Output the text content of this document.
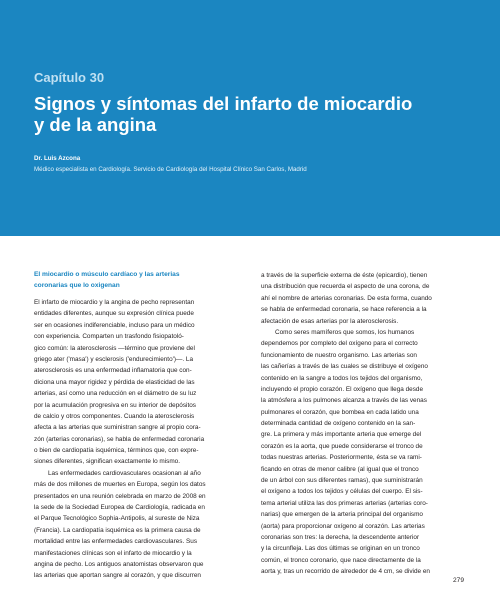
Capítulo 30
Signos y síntomas del infarto de miocardio
y de la angina
Dr. Luis Azcona
Médico especialista en Cardiología. Servicio de Cardiología del Hospital Clínico San Carlos, Madrid
El miocardio o músculo cardíaco y las arterias
coronarias que lo oxigenan
El infarto de miocardio y la angina de pecho representan
entidades diferentes, aunque su expresión clínica puede
ser en ocasiones indiferenciable, incluso para un médico
con experiencia. Comparten un trasfondo fisiopatoló-
gico común: la aterosclerosis —término que proviene del
griego ater ('masa') y esclerosis ('endurecimiento')—. La
aterosclerosis es una enfermedad inflamatoria que con-
diciona una mayor rigidez y pérdida de elasticidad de las
arterias, así como una reducción en el diámetro de su luz
por la acumulación progresiva en su interior de depósitos
de calcio y otros componentes. Cuando la aterosclerosis
afecta a las arterias que suministran sangre al propio cora-
zón (arterias coronarias), se habla de enfermedad coronaria
o bien de cardiopatía isquémica, términos que, con expre-
siones diferentes, significan exactamente lo mismo.
Las enfermedades cardiovasculares ocasionan al año
más de dos millones de muertes en Europa, según los datos
presentados en una reunión celebrada en marzo de 2008 en
la sede de la Sociedad Europea de Cardiología, radicada en
el Parque Tecnológico Sophia-Antipolis, al sureste de Niza
(Francia). La cardiopatía isquémica es la primera causa de
mortalidad entre las enfermedades cardiovasculares. Sus
manifestaciones clínicas son el infarto de miocardio y la
angina de pecho. Los antiguos anatomistas observaron que
las arterias que aportan sangre al corazón, y que discurren
a través de la superficie externa de éste (epicardio), tienen
una distribución que recuerda el aspecto de una corona, de
ahí el nombre de arterias coronarias. De esta forma, cuando
se habla de enfermedad coronaria, se hace referencia a la
afectación de esas arterias por la aterosclerosis.
Como seres mamíferos que somos, los humanos
dependemos por completo del oxígeno para el correcto
funcionamiento de nuestro organismo. Las arterias son
las cañerías a través de las cuales se distribuye el oxígeno
contenido en la sangre a todos los tejidos del organismo,
incluyendo el propio corazón. El oxígeno que llega desde
la atmósfera a los pulmones alcanza a través de las venas
pulmonares el corazón, que bombea en cada latido una
determinada cantidad de oxígeno contenido en la san-
gre. La primera y más importante arteria que emerge del
corazón es la aorta, que puede considerarse el tronco de
todas nuestras arterias. Posteriormente, ésta se va rami-
ficando en otras de menor calibre (al igual que el tronco
de un árbol con sus diferentes ramas), que suministrarán
el oxígeno a todos los tejidos y células del cuerpo. El sis-
tema arterial utiliza las dos primeras arterias (arterias coro-
narias) que emergen de la arteria principal del organismo
(aorta) para proporcionar oxígeno al corazón. Las arterias
coronarias son tres: la derecha, la descendente anterior
y la circunfleja. Las dos últimas se originan en un tronco
común, el tronco coronario, que nace directamente de la
aorta y, tras un recorrido de alrededor de 4 cm, se divide en
279
